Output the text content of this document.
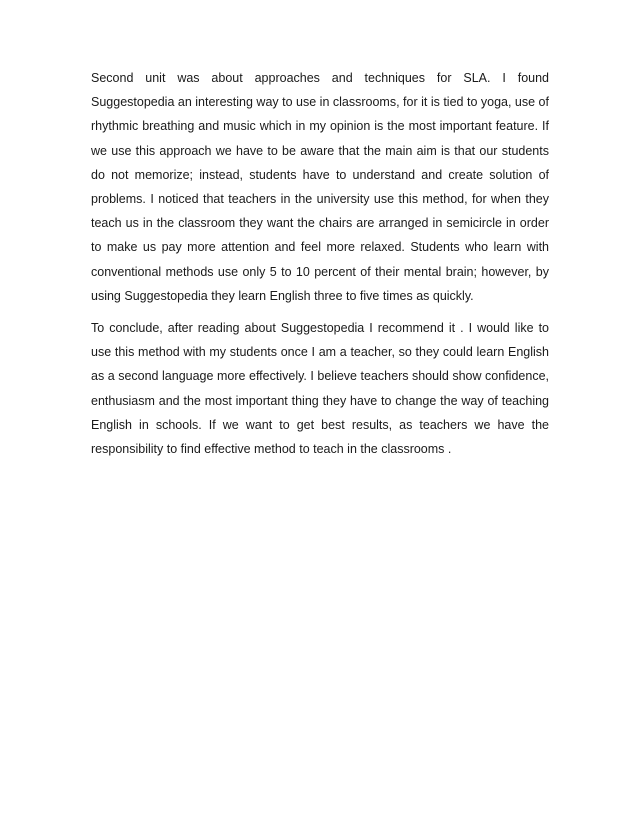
Second unit was about approaches and techniques for SLA. I found Suggestopedia an interesting way to use in classrooms, for it is tied to yoga, use of rhythmic breathing and music which in my opinion is the most important feature. If we use this approach we have to be aware that the main aim is that our students do not memorize; instead, students have to understand and create solution of problems. I noticed that teachers in the university use this method, for when they teach us in the classroom they want the chairs are arranged in semicircle in order to make us pay more attention and feel more relaxed. Students who learn with conventional methods use only 5 to 10 percent of their mental brain; however, by using Suggestopedia they learn English three to five times as quickly.

To conclude, after reading about Suggestopedia I recommend it . I would like to use this method with my students once I am a teacher, so they could learn English as a second language more effectively. I believe teachers should show confidence, enthusiasm and the most important thing they have to change the way of teaching English in schools. If we want to get best results, as teachers we have the responsibility to find effective method to teach in the classrooms .
